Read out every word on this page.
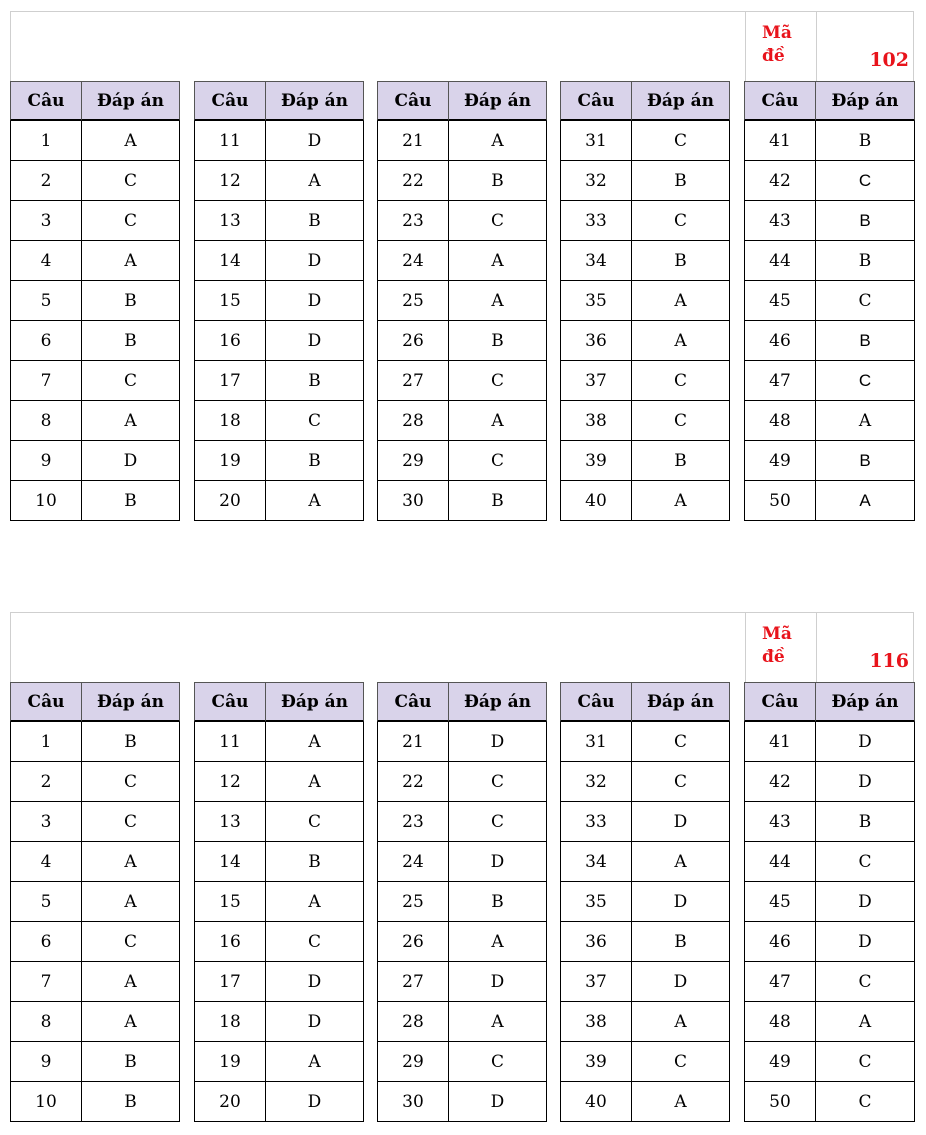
Mã đề	102
Câu	Đáp án
1	A
2	C
3	C
4	A
5	B
6	B
7	C
8	A
9	D
10	B
Câu	Đáp án
11	D
12	A
13	B
14	D
15	D
16	D
17	B
18	C
19	B
20	A
Câu	Đáp án
21	A
22	B
23	C
24	A
25	A
26	B
27	C
28	A
29	C
30	B
Câu	Đáp án
31	C
32	B
33	C
34	B
35	A
36	A
37	C
38	C
39	B
40	A
Câu	Đáp án
41	B
42	C
43	B
44	B
45	C
46	B
47	C
48	A
49	B
50	A
Mã đề	116
Câu	Đáp án
1	B
2	C
3	C
4	A
5	A
6	C
7	A
8	A
9	B
10	B
Câu	Đáp án
11	A
12	A
13	C
14	B
15	A
16	C
17	D
18	D
19	A
20	D
Câu	Đáp án
21	D
22	C
23	C
24	D
25	B
26	A
27	D
28	A
29	C
30	D
Câu	Đáp án
31	C
32	C
33	D
34	A
35	D
36	B
37	D
38	A
39	C
40	A
Câu	Đáp án
41	D
42	D
43	B
44	C
45	D
46	D
47	C
48	A
49	C
50	C
